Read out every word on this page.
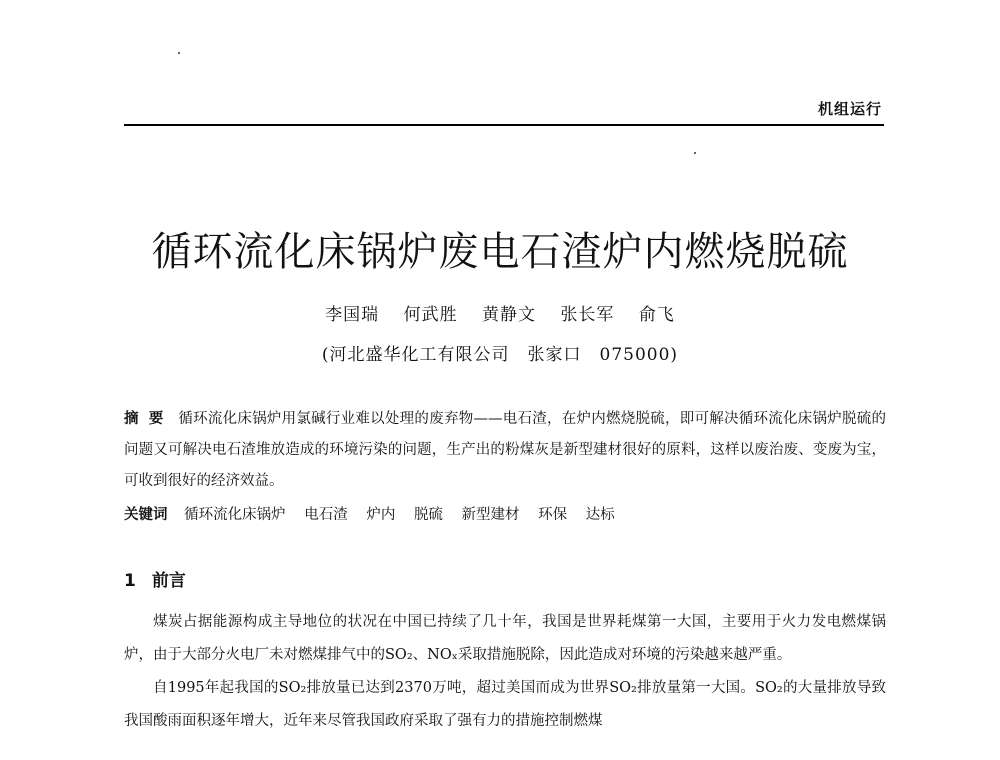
机组运行
循环流化床锅炉废电石渣炉内燃烧脱硫
李国瑞 何武胜 黄静文 张长军 俞飞
(河北盛华化工有限公司　张家口　075000)
摘要 循环流化床锅炉用氯碱行业难以处理的废弃物——电石渣，在炉内燃烧脱硫，即可解决循环流化床锅炉脱硫的问题又可解决电石渣堆放造成的环境污染的问题，生产出的粉煤灰是新型建材很好的原料，这样以废治废、变废为宝，可收到很好的经济效益。
关键词 循环流化床锅炉 电石渣 炉内 脱硫 新型建材 环保 达标
1 前言

煤炭占据能源构成主导地位的状况在中国已持续了几十年，我国是世界耗煤第一大国，主要用于火力发电燃煤锅炉，由于大部分火电厂未对燃煤排气中的SO₂、NOₓ采取措施脱除，因此造成对环境的污染越来越严重。

自1995年起我国的SO₂排放量已达到2370万吨，超过美国而成为世界SO₂排放量第一大国。SO₂的大量排放导致我国酸雨面积逐年增大，近年来尽管我国政府采取了强有力的措施控制燃煤
